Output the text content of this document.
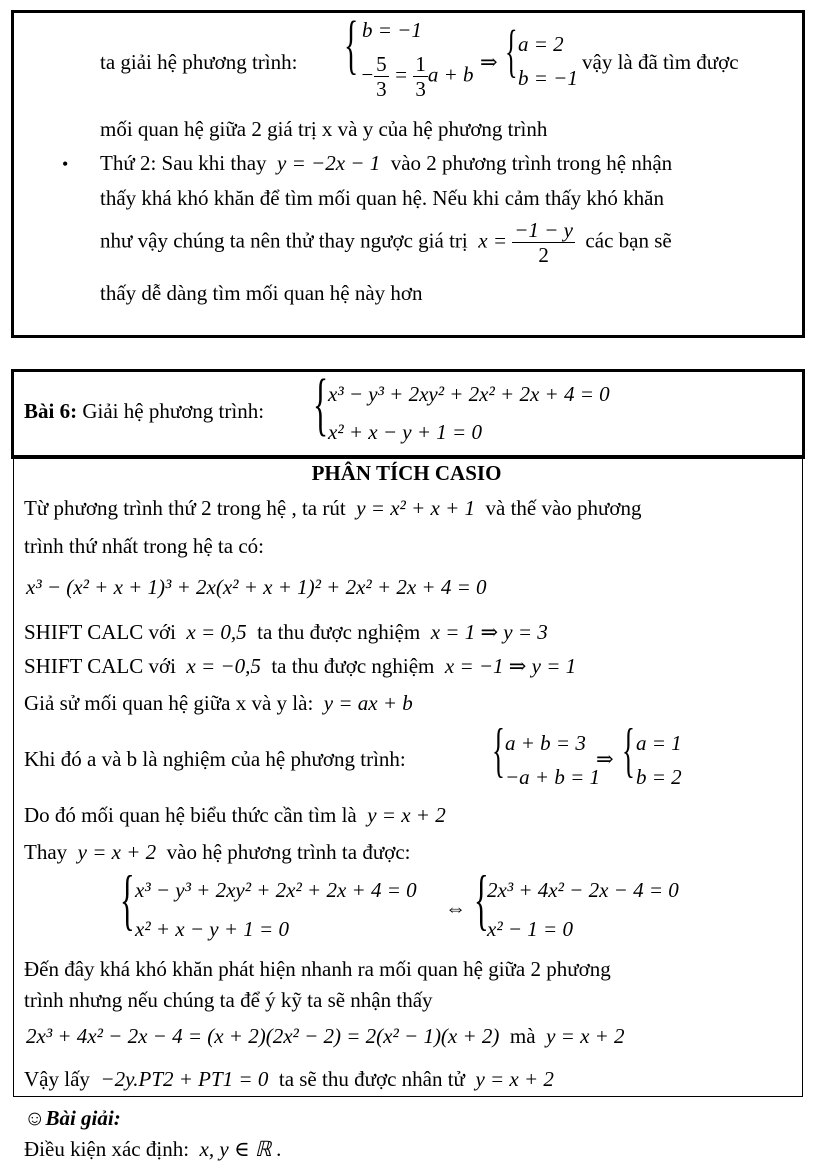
ta giải hệ phương trình: { b = −1
− $\frac{5}{3} = \frac{1}{3}$ a + b
⇒ { a = 2
b = −1
vậy là đã tìm được
mối quan hệ giữa 2 giá trị x và y của hệ phương trình
• Thứ 2: Sau khi thay y = −2x − 1 vào 2 phương trình trong hệ nhận
thấy khá khó khăn để tìm mối quan hệ. Nếu khi cảm thấy khó khăn
như vậy chúng ta nên thử thay ngược giá trị $x = \frac{-1 - y}{2}$ các bạn sẽ
thấy dễ dàng tìm mối quan hệ này hơn
Bài 6: Giải hệ phương trình: { x³ − y³ + 2xy² + 2x² + 2x + 4 = 0
x² + x − y + 1 = 0
PHÂN TÍCH CASIO
Từ phương trình thứ 2 trong hệ , ta rút y = x² + x + 1 và thế vào phương
trình thứ nhất trong hệ ta có:
x³ − (x² + x + 1)³ + 2x(x² + x + 1)² + 2x² + 2x + 4 = 0
SHIFT CALC với x = 0,5 ta thu được nghiệm x = 1 ⇒ y = 3
SHIFT CALC với x = −0,5 ta thu được nghiệm x = −1 ⇒ y = 1
Giả sử mối quan hệ giữa x và y là: y = ax + b
Khi đó a và b là nghiệm của hệ phương trình: { a + b = 3
−a + b = 1
⇒ { a = 1
b = 2
Do đó mối quan hệ biểu thức cần tìm là y = x + 2
Thay y = x + 2 vào hệ phương trình ta được:
{ x³ − y³ + 2xy² + 2x² + 2x + 4 = 0
x² + x − y + 1 = 0
⇔ {
2x³ + 4x² − 2x − 4 = 0
x² − 1 = 0
Đến đây khá khó khăn phát hiện nhanh ra mối quan hệ giữa 2 phương
trình nhưng nếu chúng ta để ý kỹ ta sẽ nhận thấy
2x³ + 4x² − 2x − 4 = (x + 2)(2x² − 2) = 2(x² − 1)(x + 2) mà y = x + 2
Vậy lấy −2y.PT2 + PT1 = 0 ta sẽ thu được nhân tử y = x + 2
☺Bài giải:
Điều kiện xác định: x, y ∈ ℝ .
